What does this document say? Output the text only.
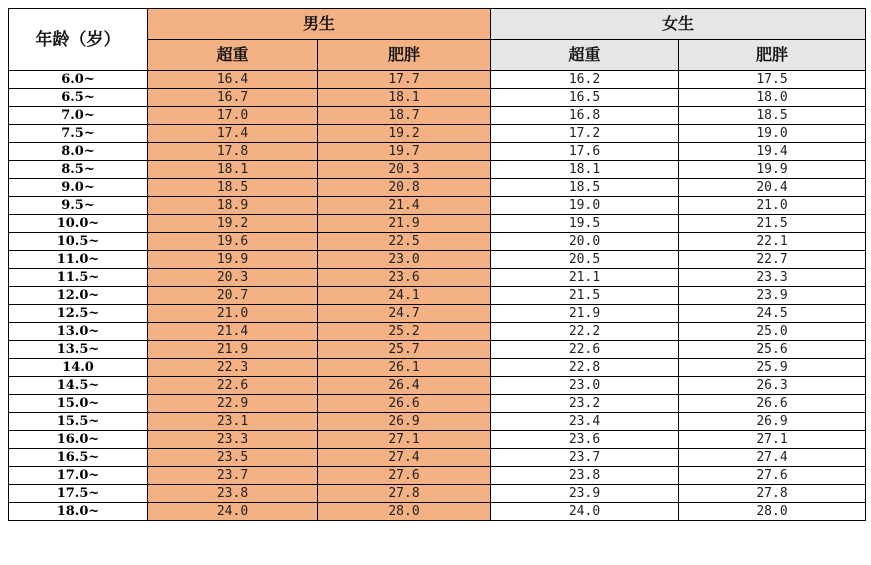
年龄（岁）	男生		女生	
	超重	肥胖	超重	肥胖
6.0~	16.4	17.7	16.2	17.5
6.5~	16.7	18.1	16.5	18.0
7.0~	17.0	18.7	16.8	18.5
7.5~	17.4	19.2	17.2	19.0
8.0~	17.8	19.7	17.6	19.4
8.5~	18.1	20.3	18.1	19.9
9.0~	18.5	20.8	18.5	20.4
9.5~	18.9	21.4	19.0	21.0
10.0~	19.2	21.9	19.5	21.5
10.5~	19.6	22.5	20.0	22.1
11.0~	19.9	23.0	20.5	22.7
11.5~	20.3	23.6	21.1	23.3
12.0~	20.7	24.1	21.5	23.9
12.5~	21.0	24.7	21.9	24.5
13.0~	21.4	25.2	22.2	25.0
13.5~	21.9	25.7	22.6	25.6
14.0	22.3	26.1	22.8	25.9
14.5~	22.6	26.4	23.0	26.3
15.0~	22.9	26.6	23.2	26.6
15.5~	23.1	26.9	23.4	26.9
16.0~	23.3	27.1	23.6	27.1
16.5~	23.5	27.4	23.7	27.4
17.0~	23.7	27.6	23.8	27.6
17.5~	23.8	27.8	23.9	27.8
18.0~	24.0	28.0	24.0	28.0
